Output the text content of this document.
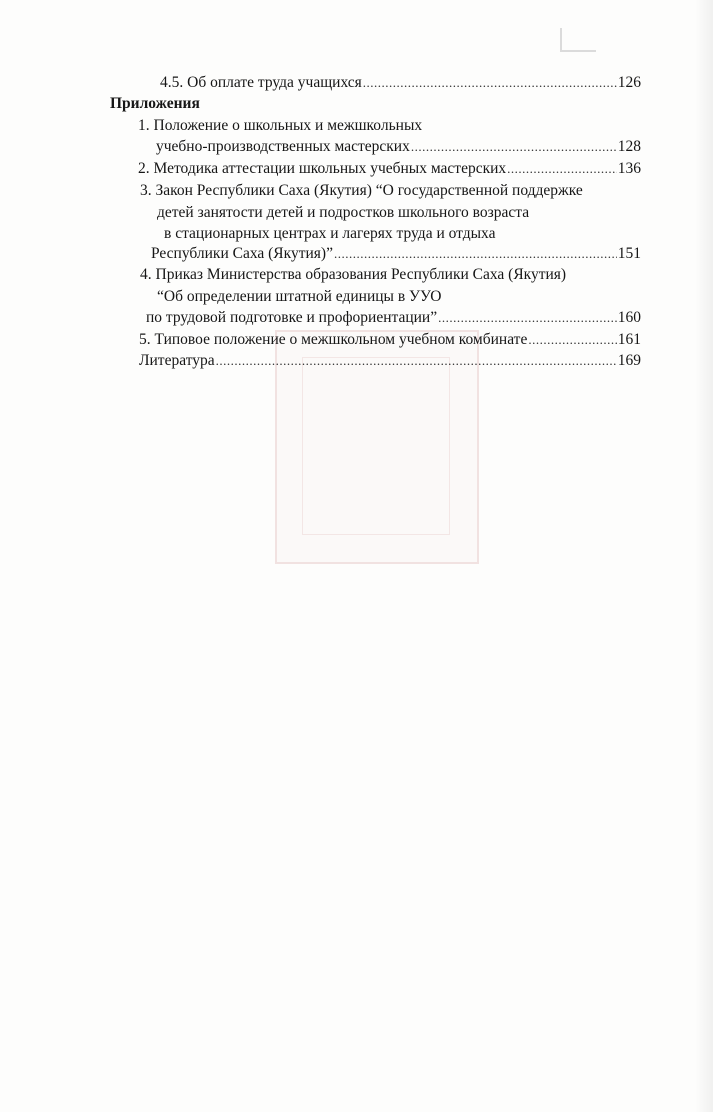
4.5. Об оплате труда учащихся .....	126
Приложения
1. Положение о школьных и межшкольных
учебно-производственных мастерских .....	128
2. Методика аттестации школьных учебных мастерских .....	136
3. Закон Республики Саха (Якутия) “О государственной поддержке
детей занятости детей и подростков школьного возраста
в стационарных центрах и лагерях труда и отдыха
Республики Саха (Якутия)” .....	151
4. Приказ Министерства образования Республики Саха (Якутия)
“Об определении штатной единицы в УУО
по трудовой подготовке и профориентации” .....	160
5. Типовое положение о межшкольном учебном комбинате .....	161
Литература .....	169
